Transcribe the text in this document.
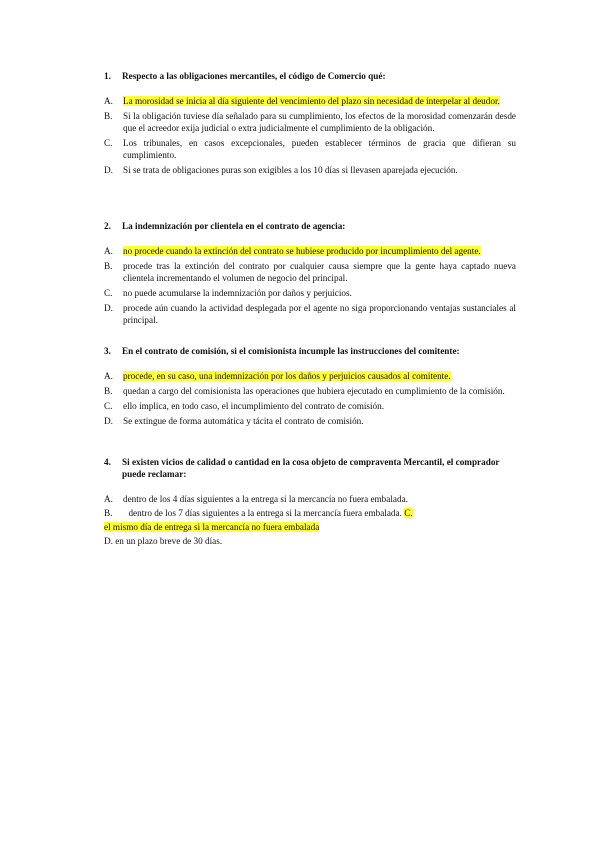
1.	Respecto a las obligaciones mercantiles, el código de Comercio qué:
A.	La morosidad se inicia al día siguiente del vencimiento del plazo sin necesidad de interpelar al deudor.
B.	Si la obligación tuviese día señalado para su cumplimiento, los efectos de la morosidad comenzarán desde que el acreedor exija judicial o extra judicialmente el cumplimiento de la obligación.
C.	Los tribunales, en casos excepcionales, pueden establecer términos de gracia que difieran su cumplimiento.
D.	Si se trata de obligaciones puras son exigibles a los 10 días si llevasen aparejada ejecución.
2.	La indemnización por clientela en el contrato de agencia:
A.	no procede cuando la extinción del contrato se hubiese producido por incumplimiento del agente.
B.	procede tras la extinción del contrato por cualquier causa siempre que la gente haya captado nueva clientela incrementando el volumen de negocio del principal.
C.	no puede acumularse la indemnización por daños y perjuicios.
D.	procede aún cuando la actividad desplegada por el agente no siga proporcionando ventajas sustanciales al principal.
3.	En el contrato de comisión, si el comisionista incumple las instrucciones del comitente:
A.	procede, en su caso, una indemnización por los daños y perjuicios causados al comitente.
B.	quedan a cargo del comisionista las operaciones que hubiera ejecutado en cumplimiento de la comisión.
C.	ello implica, en todo caso, el incumplimiento del contrato de comisión.
D.	Se extingue de forma automática y tácita el contrato de comisión.
4.	Si existen vicios de calidad o cantidad en la cosa objeto de compraventa Mercantil, el comprador puede reclamar:
A. dentro de los 4 días siguientes a la entrega si la mercancía no fuera embalada.
B. dentro de los 7 días siguientes a la entrega si la mercancía fuera embalada. C.
el mismo día de entrega si la mercancía no fuera embalada
D. en un plazo breve de 30 días.
